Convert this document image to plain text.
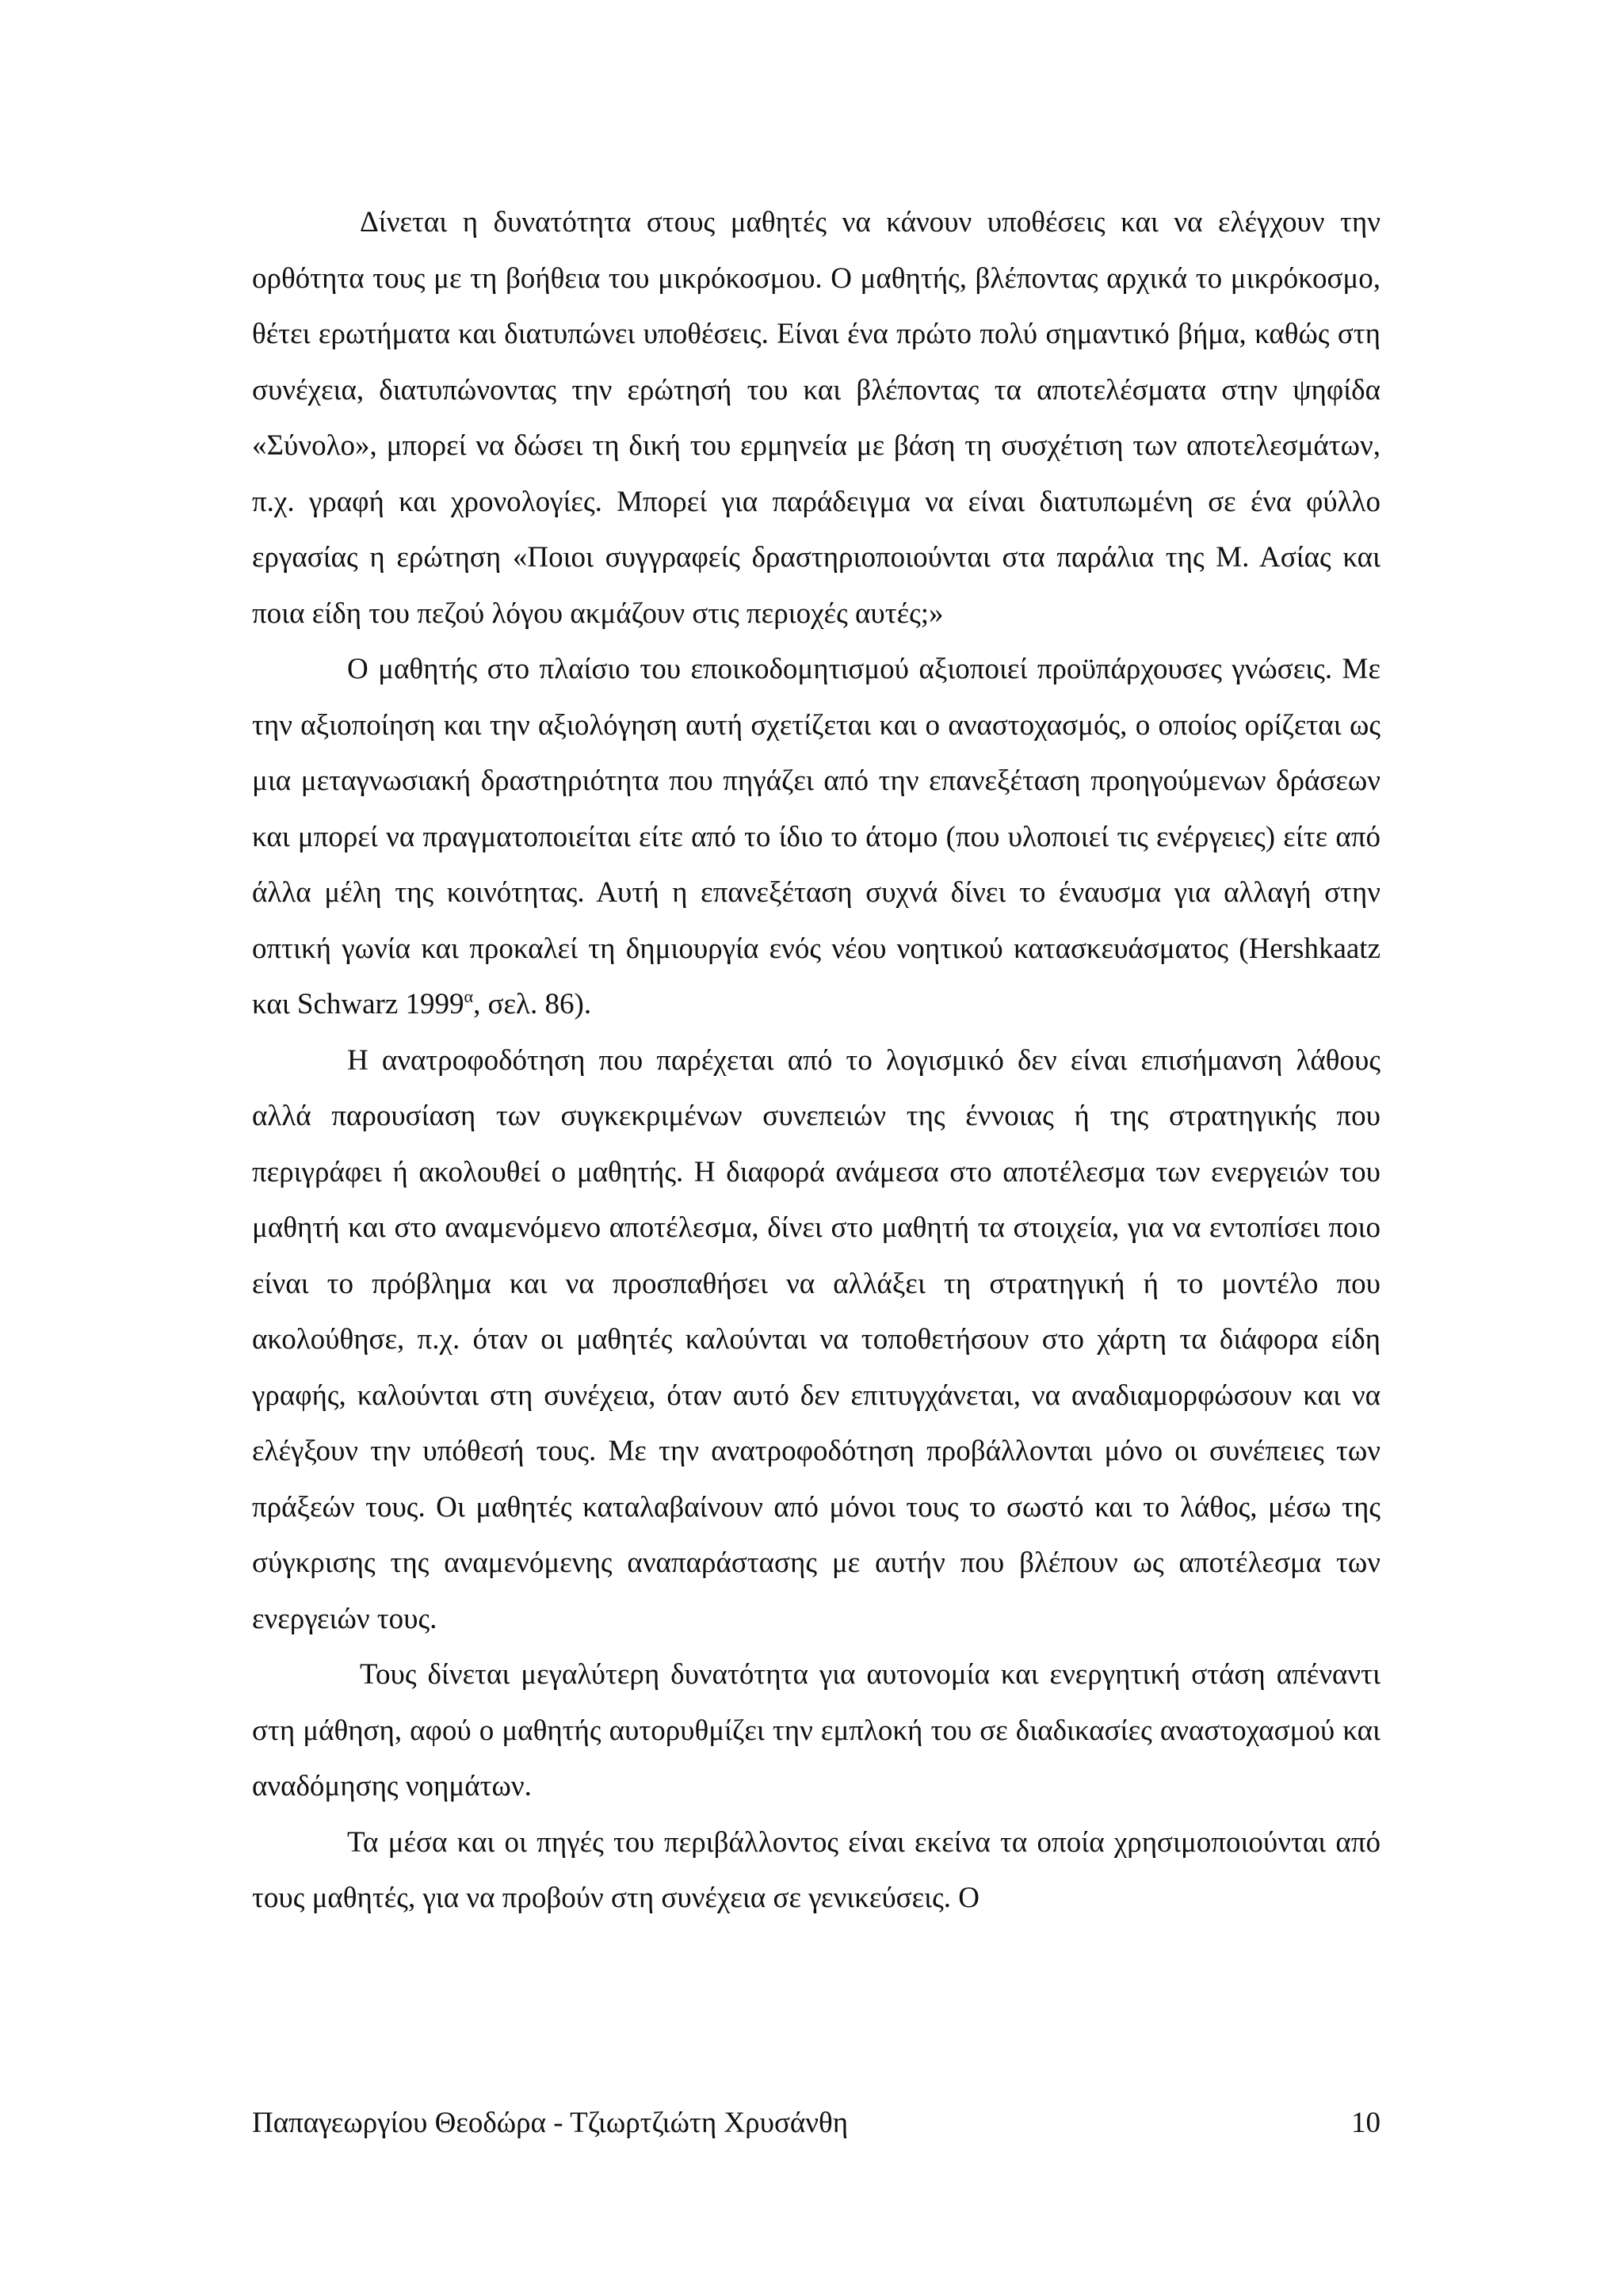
Δίνεται η δυνατότητα στους μαθητές να κάνουν υποθέσεις και να ελέγχουν την ορθότητα τους με τη βοήθεια του μικρόκοσμου. Ο μαθητής, βλέποντας αρχικά το μικρόκοσμο, θέτει ερωτήματα και διατυπώνει υποθέσεις. Είναι ένα πρώτο πολύ σημαντικό βήμα, καθώς στη συνέχεια, διατυπώνοντας την ερώτησή του και βλέποντας τα αποτελέσματα στην ψηφίδα «Σύνολο», μπορεί να δώσει τη δική του ερμηνεία με βάση τη συσχέτιση των αποτελεσμάτων, π.χ. γραφή και χρονολογίες. Μπορεί για παράδειγμα να είναι διατυπωμένη σε ένα φύλλο εργασίας η ερώτηση «Ποιοι συγγραφείς δραστηριοποιούνται στα παράλια της Μ. Ασίας και ποια είδη του πεζού λόγου ακμάζουν στις περιοχές αυτές;»

Ο μαθητής στο πλαίσιο του εποικοδομητισμού αξιοποιεί προϋπάρχουσες γνώσεις. Με την αξιοποίηση και την αξιολόγηση αυτή σχετίζεται και ο αναστοχασμός, ο οποίος ορίζεται ως μια μεταγνωσιακή δραστηριότητα που πηγάζει από την επανεξέταση προηγούμενων δράσεων και μπορεί να πραγματοποιείται είτε από το ίδιο το άτομο (που υλοποιεί τις ενέργειες) είτε από άλλα μέλη της κοινότητας. Αυτή η επανεξέταση συχνά δίνει το έναυσμα για αλλαγή στην οπτική γωνία και προκαλεί τη δημιουργία ενός νέου νοητικού κατασκευάσματος (Hershkaatz και Schwarz $1999^\alpha$, σελ. 86).

Η ανατροφοδότηση που παρέχεται από το λογισμικό δεν είναι επισήμανση λάθους αλλά παρουσίαση των συγκεκριμένων συνεπειών της έννοιας ή της στρατηγικής που περιγράφει ή ακολουθεί ο μαθητής. Η διαφορά ανάμεσα στο αποτέλεσμα των ενεργειών του μαθητή και στο αναμενόμενο αποτέλεσμα, δίνει στο μαθητή τα στοιχεία, για να εντοπίσει ποιο είναι το πρόβλημα και να προσπαθήσει να αλλάξει τη στρατηγική ή το μοντέλο που ακολούθησε, π.χ. όταν οι μαθητές καλούνται να τοποθετήσουν στο χάρτη τα διάφορα είδη γραφής, καλούνται στη συνέχεια, όταν αυτό δεν επιτυγχάνεται, να αναδιαμορφώσουν και να ελέγξουν την υπόθεσή τους. Με την ανατροφοδότηση προβάλλονται μόνο οι συνέπειες των πράξεών τους. Οι μαθητές καταλαβαίνουν από μόνοι τους το σωστό και το λάθος, μέσω της σύγκρισης της αναμενόμενης αναπαράστασης με αυτήν που βλέπουν ως αποτέλεσμα των ενεργειών τους.

Τους δίνεται μεγαλύτερη δυνατότητα για αυτονομία και ενεργητική στάση απέναντι στη μάθηση, αφού ο μαθητής αυτορυθμίζει την εμπλοκή του σε διαδικασίες αναστοχασμού και αναδόμησης νοημάτων.

Τα μέσα και οι πηγές του περιβάλλοντος είναι εκείνα τα οποία χρησιμοποιούνται από τους μαθητές, για να προβούν στη συνέχεια σε γενικεύσεις. Ο

Παπαγεωργίου Θεοδώρα - Τζιωρτζιώτη Χρυσάνθη	10
